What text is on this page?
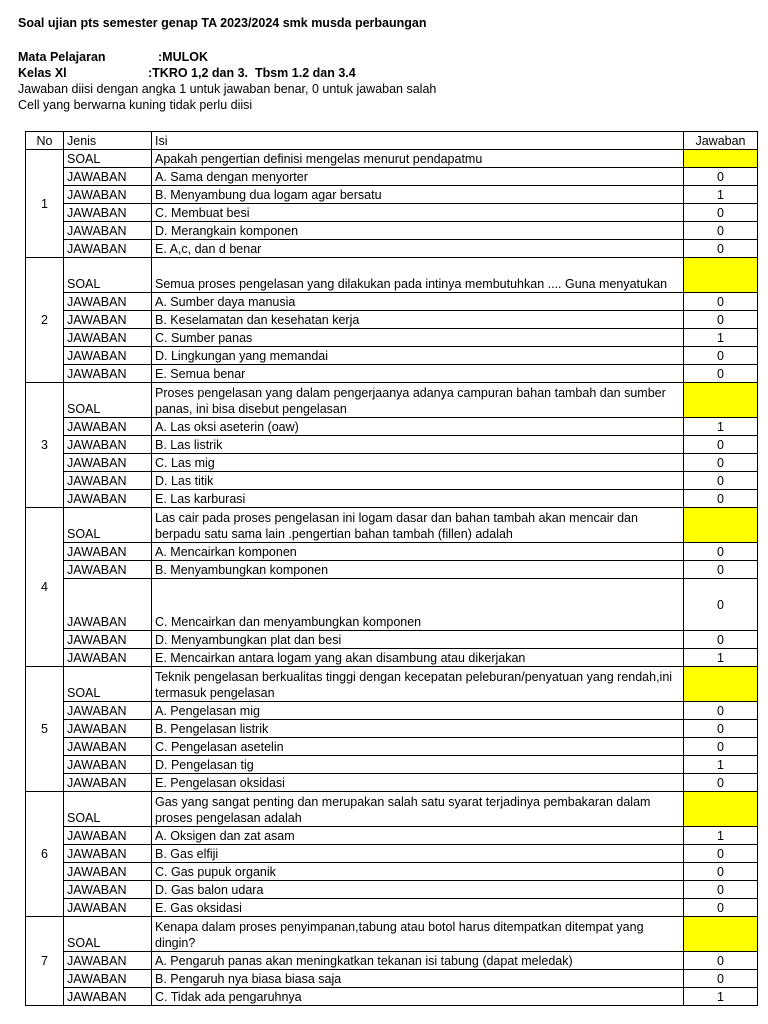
Soal ujian pts semester genap TA 2023/2024 smk musda perbaungan
Mata Pelajaran	:MULOK
Kelas Xl	:TKRO 1,2 dan 3.  Tbsm 1.2 dan 3.4
Jawaban diisi dengan angka 1 untuk jawaban benar, 0 untuk jawaban salah
Cell yang berwarna kuning tidak perlu diisi
No	Jenis	Isi	Jawaban
1	SOAL	Apakah pengertian definisi mengelas menurut pendapatmu	
	JAWABAN	A. Sama dengan menyorter	0
	JAWABAN	B. Menyambung dua logam agar bersatu	1
	JAWABAN	C. Membuat besi	0
	JAWABAN	D. Merangkain komponen	0
	JAWABAN	E. A,c, dan d benar	0
2	SOAL	Semua proses pengelasan yang dilakukan pada intinya membutuhkan .... Guna menyatukan	
	JAWABAN	A. Sumber daya manusia	0
	JAWABAN	B. Keselamatan dan kesehatan kerja	0
	JAWABAN	C. Sumber panas	1
	JAWABAN	D. Lingkungan yang memandai	0
	JAWABAN	E. Semua benar	0
3	SOAL	Proses pengelasan yang dalam pengerjaanya adanya campuran bahan tambah dan sumber panas, ini bisa disebut pengelasan	
	JAWABAN	A. Las oksi aseterin (oaw)	1
	JAWABAN	B. Las listrik	0
	JAWABAN	C. Las mig	0
	JAWABAN	D. Las titik	0
	JAWABAN	E. Las karburasi	0
4	SOAL	Las cair pada proses pengelasan ini logam dasar dan bahan tambah akan mencair dan berpadu satu sama lain .pengertian bahan tambah (fillen) adalah	
	JAWABAN	A. Mencairkan komponen	0
	JAWABAN	B. Menyambungkan komponen	0
	JAWABAN	C. Mencairkan dan menyambungkan komponen	0
	JAWABAN	D. Menyambungkan plat dan besi	0
	JAWABAN	E. Mencairkan antara logam yang akan disambung atau dikerjakan	1
5	SOAL	Teknik pengelasan berkualitas tinggi dengan kecepatan peleburan/penyatuan yang rendah,ini termasuk pengelasan	
	JAWABAN	A. Pengelasan mig	0
	JAWABAN	B. Pengelasan listrik	0
	JAWABAN	C. Pengelasan asetelin	0
	JAWABAN	D. Pengelasan tig	1
	JAWABAN	E. Pengelasan oksidasi	0
6	SOAL	Gas yang sangat penting dan merupakan salah satu syarat terjadinya pembakaran dalam proses pengelasan adalah	
	JAWABAN	A. Oksigen dan zat asam	1
	JAWABAN	B. Gas elfiji	0
	JAWABAN	C. Gas pupuk organik	0
	JAWABAN	D. Gas balon udara	0
	JAWABAN	E. Gas oksidasi	0
7	SOAL	Kenapa dalam proses penyimpanan,tabung atau botol harus ditempatkan ditempat yang dingin?	
	JAWABAN	A. Pengaruh panas akan meningkatkan tekanan isi tabung (dapat meledak)	0
	JAWABAN	B. Pengaruh nya biasa biasa saja	0
	JAWABAN	C. Tidak ada pengaruhnya	1
